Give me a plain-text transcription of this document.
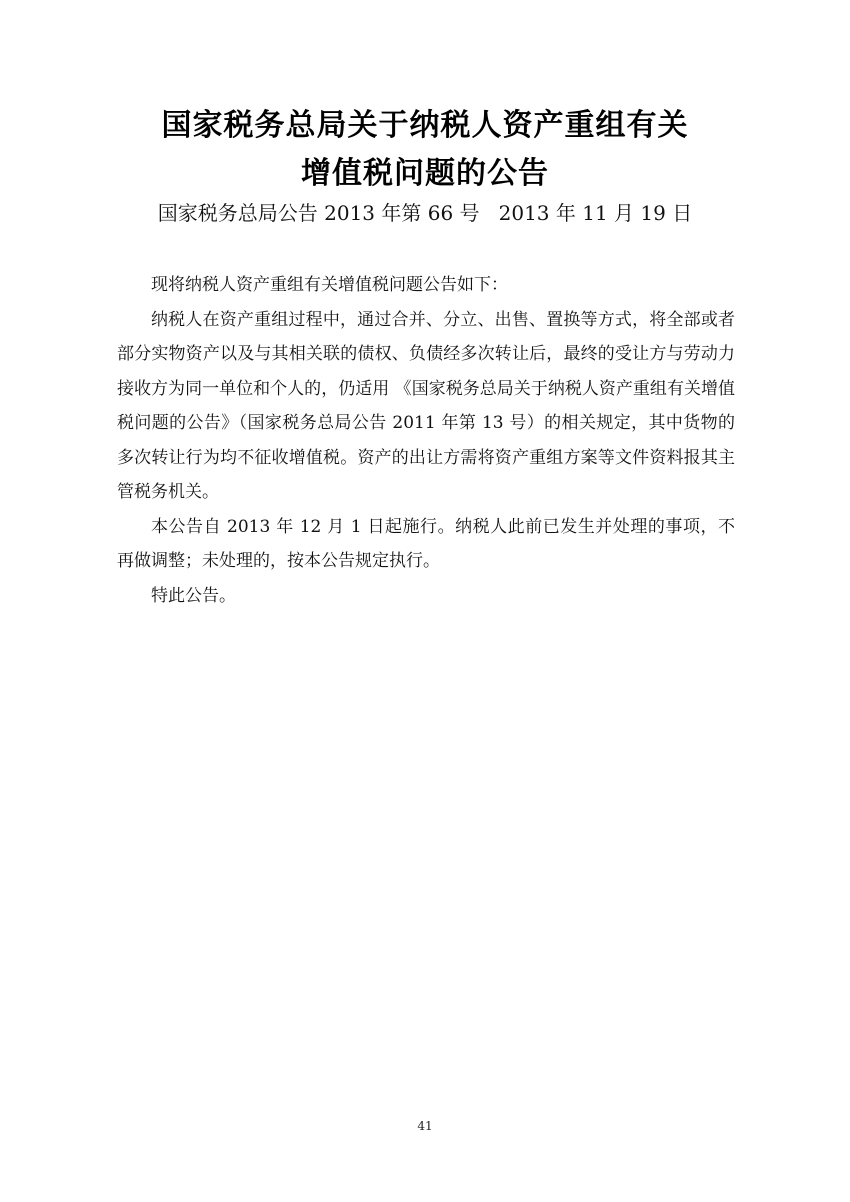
国家税务总局关于纳税人资产重组有关
增值税问题的公告
国家税务总局公告 2013 年第 66 号   2013 年 11 月 19 日

现将纳税人资产重组有关增值税问题公告如下：

纳税人在资产重组过程中，通过合并、分立、出售、置换等方式，将全部或者部分实物资产以及与其相关联的债权、负债经多次转让后，最终的受让方与劳动力接收方为同一单位和个人的，仍适用 《国家税务总局关于纳税人资产重组有关增值税问题的公告》（国家税务总局公告 2011 年第 13 号）的相关规定，其中货物的多次转让行为均不征收增值税。资产的出让方需将资产重组方案等文件资料报其主管税务机关。

本公告自 2013 年 12 月 1 日起施行。纳税人此前已发生并处理的事项，不再做调整；未处理的，按本公告规定执行。

特此公告。

41
